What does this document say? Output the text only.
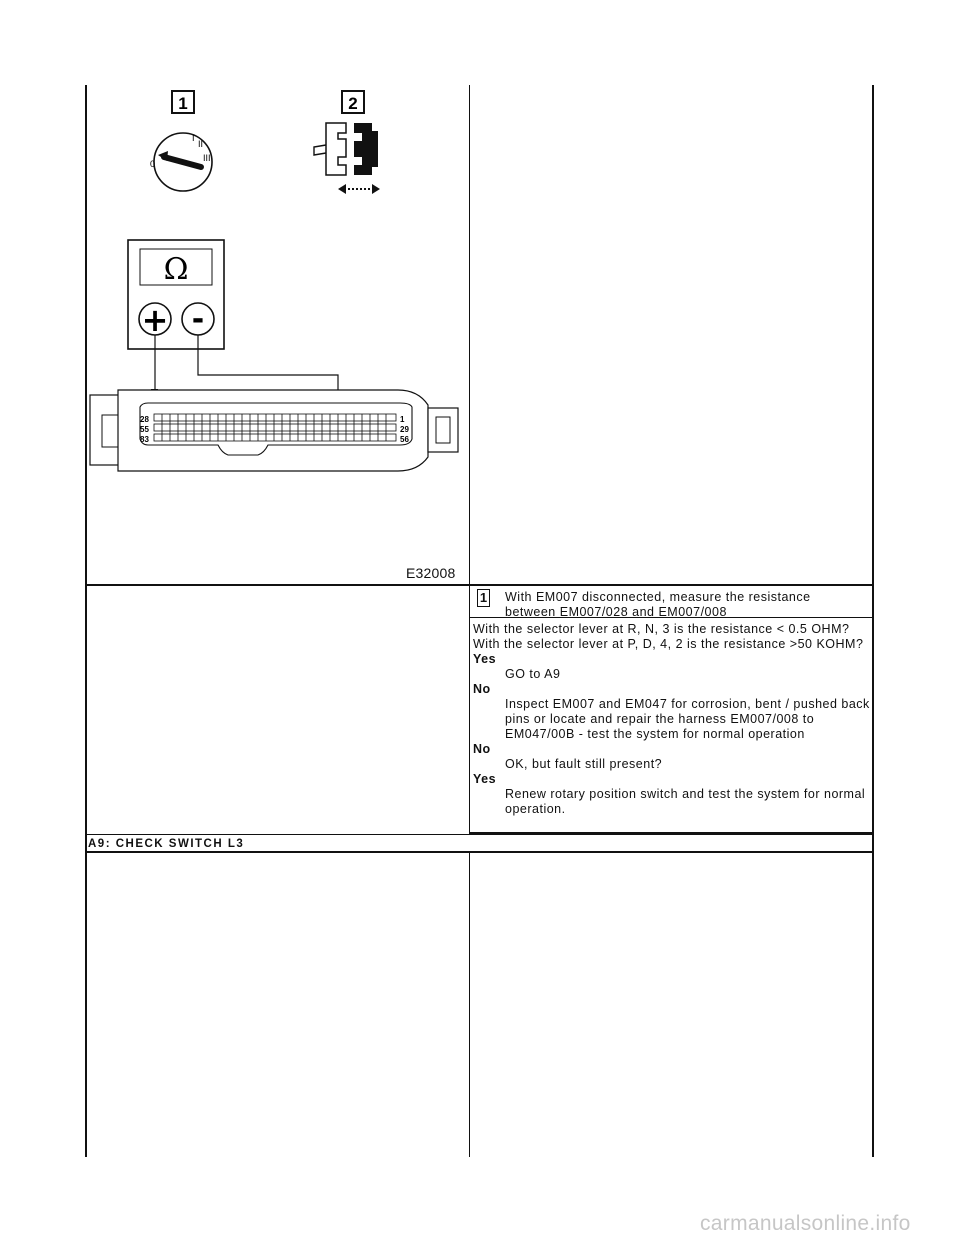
1	2
0
I
II
III
Ω
+ -
28
55
83
1
29
56
E32008
1 With EM007 disconnected, measure the resistance between EM007/028 and EM007/008

With the selector lever at R, N, 3 is the resistance < 0.5 OHM?

With the selector lever at P, D, 4, 2 is the resistance >50 KOHM?

Yes

GO to A9

No

Inspect EM007 and EM047 for corrosion, bent / pushed back pins or locate and repair the harness EM007/008 to EM047/00B - test the system for normal operation

No

OK, but fault still present?

Yes

Renew rotary position switch and test the system for normal operation.

A9: CHECK SWITCH L3
carmanualsonline.info
